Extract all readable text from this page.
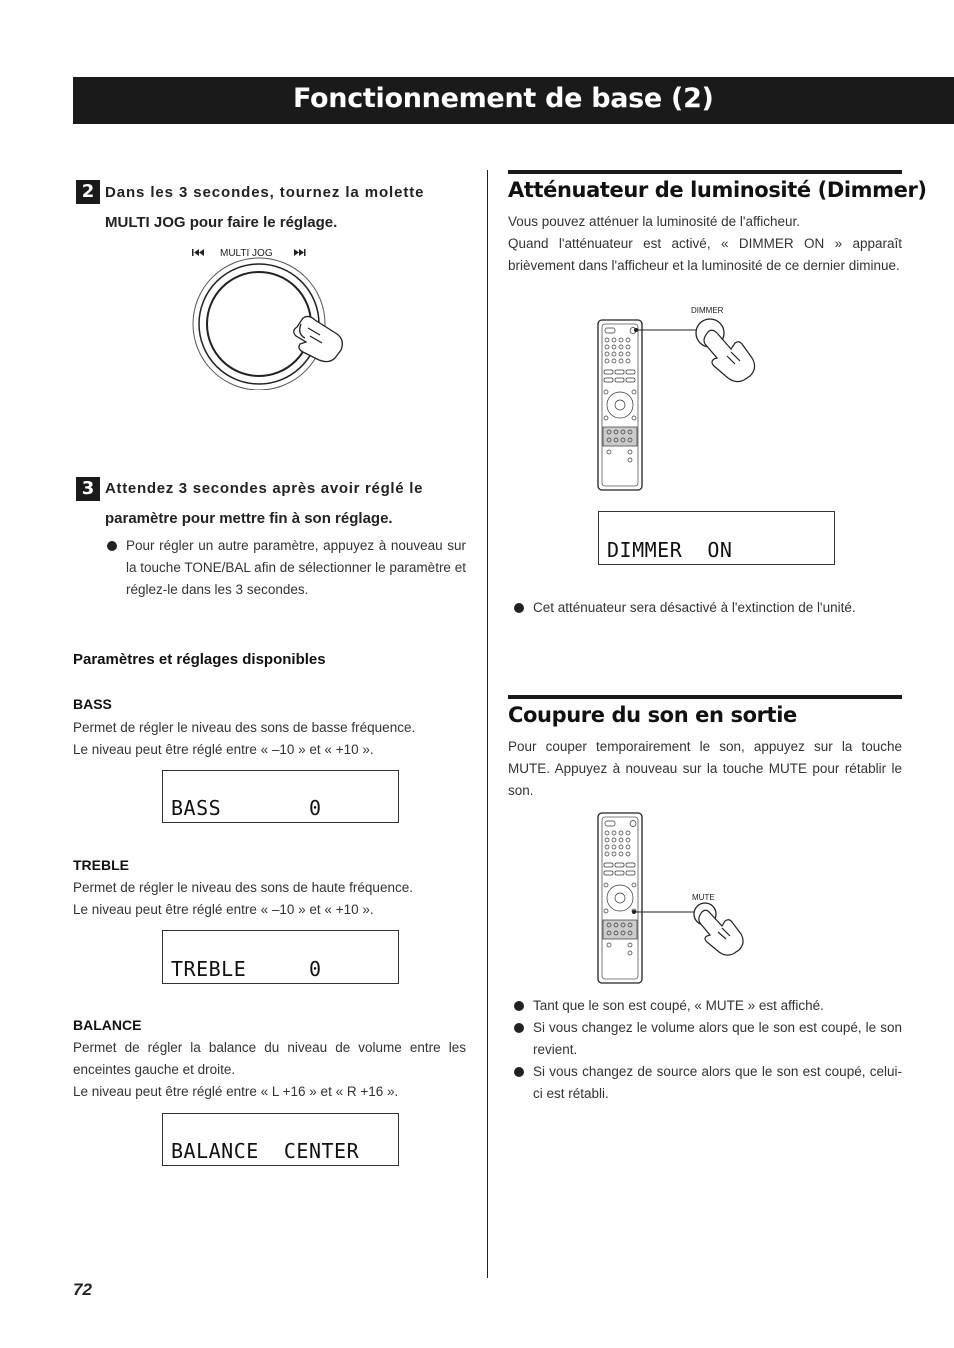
Fonctionnement de base (2)
2 Dans les 3 secondes, tournez la molette
MULTI JOG pour faire le réglage.
MULTI JOG
3 Attendez 3 secondes après avoir réglé le
paramètre pour mettre fin à son réglage.
Pour régler un autre paramètre, appuyez à nouveau sur la touche TONE/BAL afin de sélectionner le paramètre et réglez-le dans les 3 secondes.
Paramètres et réglages disponibles
BASS
Permet de régler le niveau des sons de basse fréquence.
Le niveau peut être réglé entre « –10 » et « +10 ».
BASS       0
TREBLE
Permet de régler le niveau des sons de haute fréquence.
Le niveau peut être réglé entre « –10 » et « +10 ».
TREBLE     0
BALANCE
Permet de régler la balance du niveau de volume entre les enceintes gauche et droite.
Le niveau peut être réglé entre « L +16 » et « R +16 ».
BALANCE  CENTER
Atténuateur de luminosité (Dimmer)
Vous pouvez atténuer la luminosité de l'afficheur.
Quand l'atténuateur est activé, « DIMMER ON » apparaît brièvement dans l'afficheur et la luminosité de ce dernier diminue.
DIMMER
DIMMER  ON
Cet atténuateur sera désactivé à l'extinction de l'unité.
Coupure du son en sortie
Pour couper temporairement le son, appuyez sur la touche MUTE. Appuyez à nouveau sur la touche MUTE pour rétablir le son.
MUTE
Tant que le son est coupé, « MUTE » est affiché.
Si vous changez le volume alors que le son est coupé, le son revient.
Si vous changez de source alors que le son est coupé, celui-ci est rétabli.
72
